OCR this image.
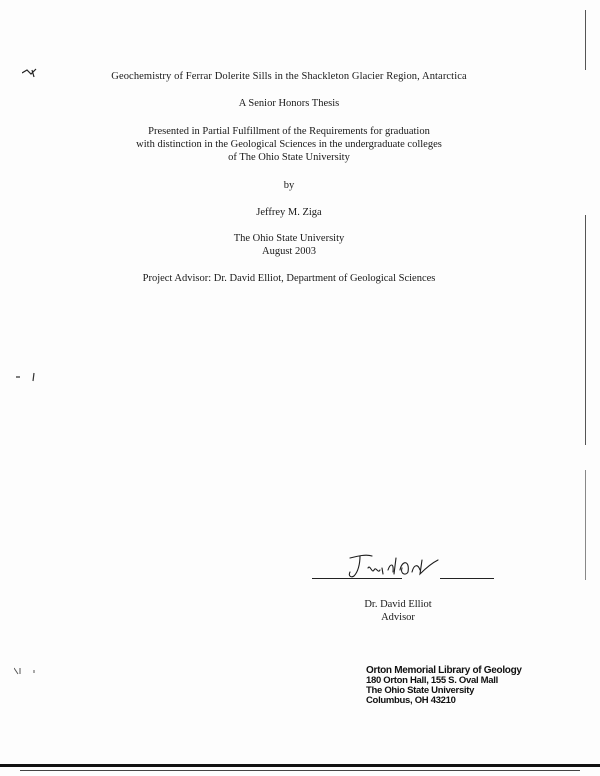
Geochemistry of Ferrar Dolerite Sills in the Shackleton Glacier Region, Antarctica
A Senior Honors Thesis
Presented in Partial Fulfillment of the Requirements for graduation
with distinction in the Geological Sciences in the undergraduate colleges
of The Ohio State University
by
Jeffrey M. Ziga
The Ohio State University
August 2003
Project Advisor: Dr. David Elliot, Department of Geological Sciences
Dr. David Elliot
Advisor
Orton Memorial Library of Geology
180 Orton Hall, 155 S. Oval Mall
The Ohio State University
Columbus, OH 43210
